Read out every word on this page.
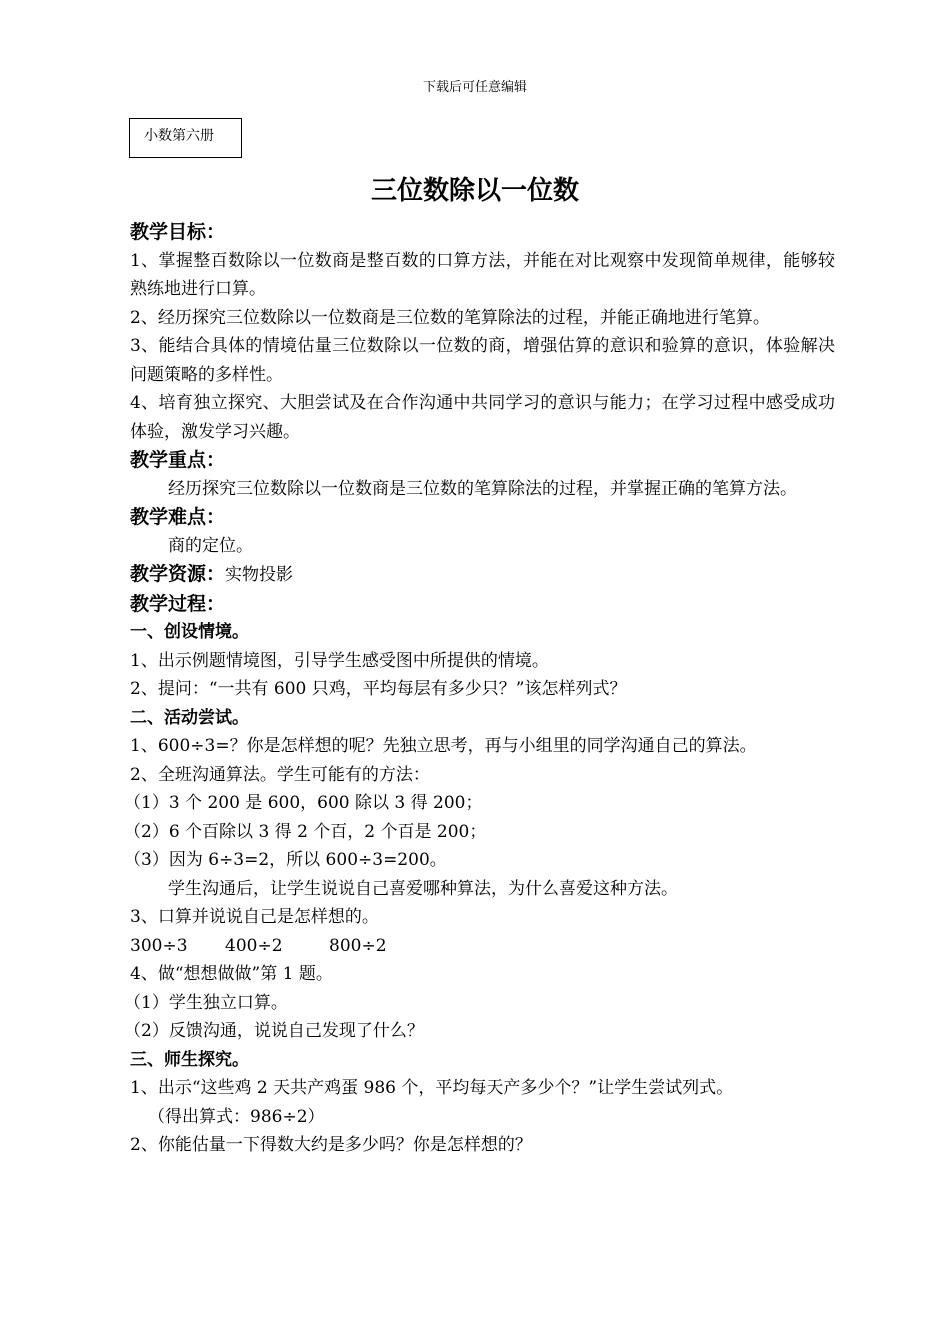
下载后可任意编辑
小数第六册
三位数除以一位数
教学目标：
1、掌握整百数除以一位数商是整百数的口算方法，并能在对比观察中发现简单规律，能够较熟练地进行口算。
2、经历探究三位数除以一位数商是三位数的笔算除法的过程，并能正确地进行笔算。
3、能结合具体的情境估量三位数除以一位数的商，增强估算的意识和验算的意识，体验解决问题策略的多样性。
4、培育独立探究、大胆尝试及在合作沟通中共同学习的意识与能力；在学习过程中感受成功体验，激发学习兴趣。
教学重点：
经历探究三位数除以一位数商是三位数的笔算除法的过程，并掌握正确的笔算方法。
教学难点：
商的定位。
教学资源：实物投影
教学过程：
一、创设情境。
1、出示例题情境图，引导学生感受图中所提供的情境。
2、提问：“一共有 600 只鸡，平均每层有多少只？”该怎样列式？
二、活动尝试。
1、600÷3=？你是怎样想的呢？先独立思考，再与小组里的同学沟通自己的算法。
2、全班沟通算法。学生可能有的方法：
（1）3 个 200 是 600，600 除以 3 得 200；
（2）6 个百除以 3 得 2 个百，2 个百是 200；
（3）因为 6÷3=2，所以 600÷3=200。
学生沟通后，让学生说说自己喜爱哪种算法，为什么喜爱这种方法。
3、口算并说说自己是怎样想的。
300÷3 400÷2	800÷2
4、做“想想做做”第 1 题。
（1）学生独立口算。
（2）反馈沟通，说说自己发现了什么？
三、师生探究。
1、出示“这些鸡 2 天共产鸡蛋 986 个，平均每天产多少个？”让学生尝试列式。
（得出算式：986÷2）
2、你能估量一下得数大约是多少吗？你是怎样想的？
